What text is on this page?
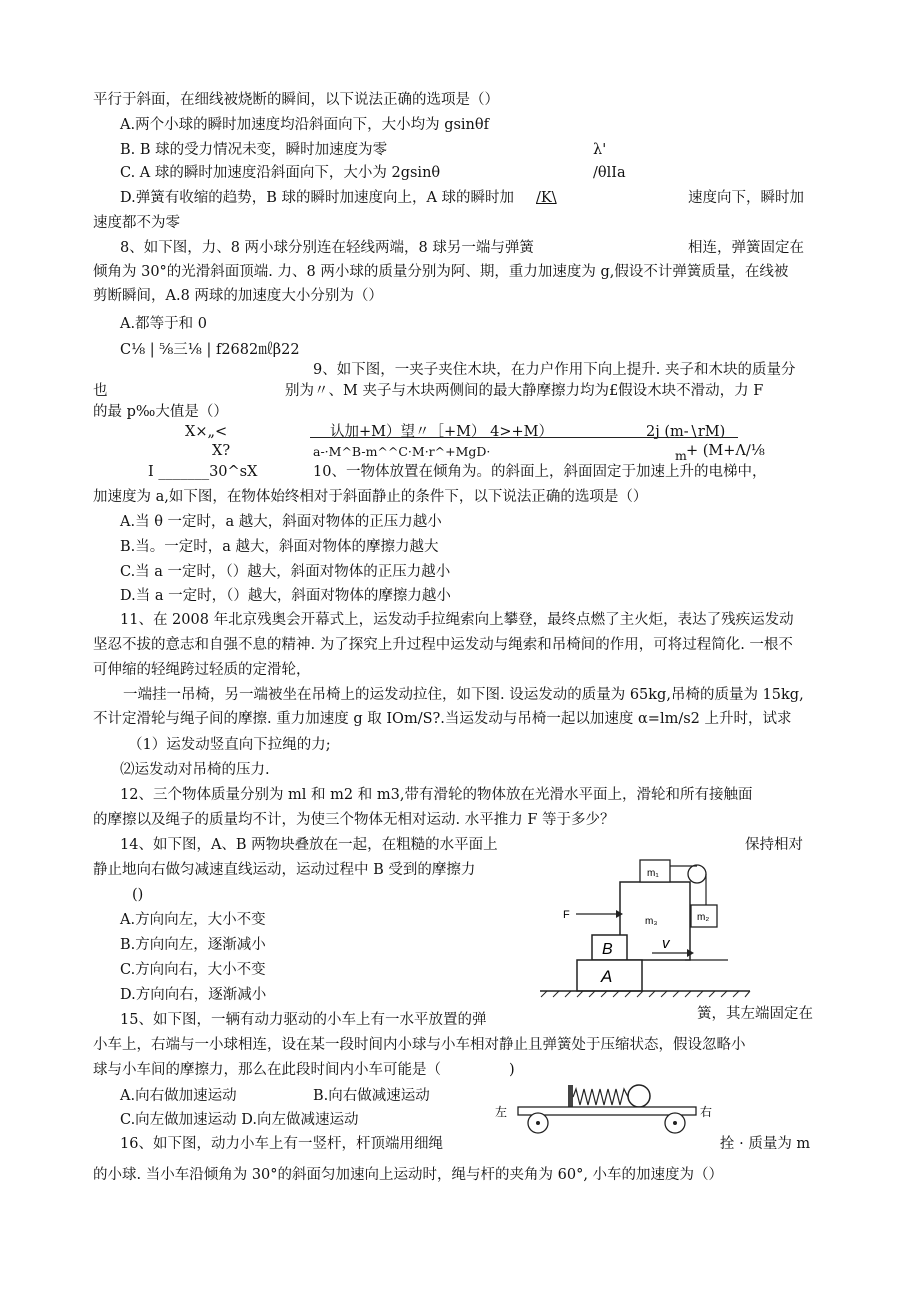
平行于斜面，在细线被烧断的瞬间，以下说法正确的选项是（）
A.两个小球的瞬时加速度均沿斜面向下，大小均为 gsinθf
B. B 球的受力情况未变，瞬时加速度为零	λ'
C. A 球的瞬时加速度沿斜面向下，大小为 2gsinθ	/θlIa
D.弹簧有收缩的趋势，B 球的瞬时加速度向上，A 球的瞬时加 /K\	速度向下，瞬时加
速度都不为零
8、如下图，力、8 两小球分别连在轻线两端，8 球另一端与弹簧	相连，弹簧固定在
倾角为 30°的光滑斜面顶端. 力、8 两小球的质量分别为阿、期，重力加速度为 g,假设不计弹簧质量，在线被
剪断瞬间，A.8 两球的加速度大小分别为（）
A.都等于和 0
C⅛ | ⅝三⅛ | f2682㎖β22
9、如下图，一夹子夹住木块，在力户作用下向上提升. 夹子和木块的质量分
也	别为〃、M 夹子与木块两侧间的最大静摩擦力均为£假设木块不滑动，力 F
的最 p‰大值是（）
X×„<	认加+M）望〃［+M） 4>+M）	2j (m-∖rM)
X?	a-·M^B-m^^C·M·r^+MgD·	m + (M+Λ∕⅛
I _______30^sX	10、一物体放置在倾角为。的斜面上，斜面固定于加速上升的电梯中，
加速度为 a,如下图，在物体始终相对于斜面静止的条件下，以下说法正确的选项是（）
A.当 θ 一定时，a 越大，斜面对物体的正压力越小
B.当。一定时，a 越大，斜面对物体的摩擦力越大
C.当 a 一定时，（）越大，斜面对物体的正压力越小
D.当 a 一定时，（）越大，斜面对物体的摩擦力越小
11、在 2008 年北京残奥会开幕式上，运发动手拉绳索向上攀登，最终点燃了主火炬，表达了残疾运发动
坚忍不拔的意志和自强不息的精神. 为了探究上升过程中运发动与绳索和吊椅间的作用，可将过程简化. 一根不
可伸缩的轻绳跨过轻质的定滑轮，
一端挂一吊椅，另一端被坐在吊椅上的运发动拉住，如下图. 设运发动的质量为 65kg,吊椅的质量为 15kg,
不计定滑轮与绳子间的摩擦. 重力加速度 g 取 IOm/S?.当运发动与吊椅一起以加速度 α=lm∕s2 上升时，试求
（1）运发动竖直向下拉绳的力;
⑵运发动对吊椅的压力.
12、三个物体质量分别为 ml 和 m2 和 m3,带有滑轮的物体放在光滑水平面上，滑轮和所有接触面
的摩擦以及绳子的质量均不计，为使三个物体无相对运动. 水平推力 F 等于多少？
14、如下图，A、B 两物块叠放在一起，在粗糙的水平面上	保持相对
静止地向右做匀减速直线运动，运动过程中 B 受到的摩擦力
()
A.方向向左，大小不变
B.方向向左，逐渐减小
C.方向向右，大小不变
D.方向向右，逐渐减小
15、如下图，一辆有动力驱动的小车上有一水平放置的弹	簧，其左端固定在
小车上，右端与一小球相连，设在某一段时间内小球与小车相对静止且弹簧处于压缩状态，假设忽略小
球与小车间的摩擦力，那么在此段时间内小车可能是（	)
A.向右做加速运动	B.向右做减速运动
C.向左做加速运动 D.向左做减速运动
16、如下图，动力小车上有一竖杆，杆顶端用细绳	拴 · 质量为 m
的小球. 当小车沿倾角为 30°的斜面匀加速向上运动时，绳与杆的夹角为 60°, 小车的加速度为（）
m₁
m₂
m₃
F
B
A
v
左	右
